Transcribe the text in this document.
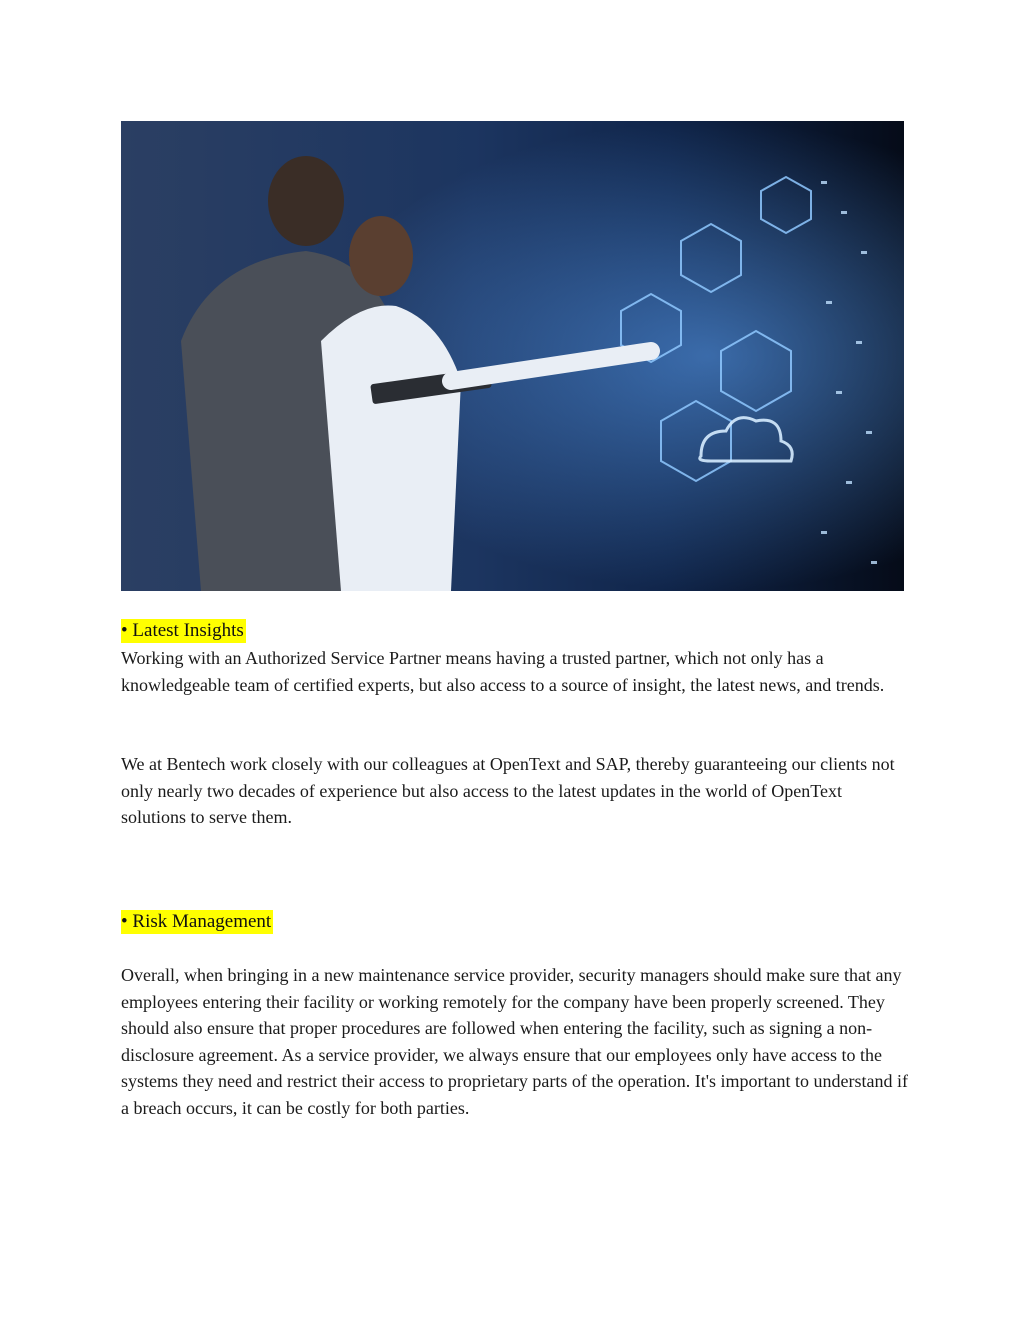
• Latest Insights

Working with an Authorized Service Partner means having a trusted partner, which not only has a knowledgeable team of certified experts, but also access to a source of insight, the latest news, and trends.

We at Bentech work closely with our colleagues at OpenText and SAP, thereby guaranteeing our clients not only nearly two decades of experience but also access to the latest updates in the world of OpenText solutions to serve them.

• Risk Management

Overall, when bringing in a new maintenance service provider, security managers should make sure that any employees entering their facility or working remotely for the company have been properly screened. They should also ensure that proper procedures are followed when entering the facility, such as signing a non-disclosure agreement. As a service provider, we always ensure that our employees only have access to the systems they need and restrict their access to proprietary parts of the operation. It's important to understand if a breach occurs, it can be costly for both parties.
